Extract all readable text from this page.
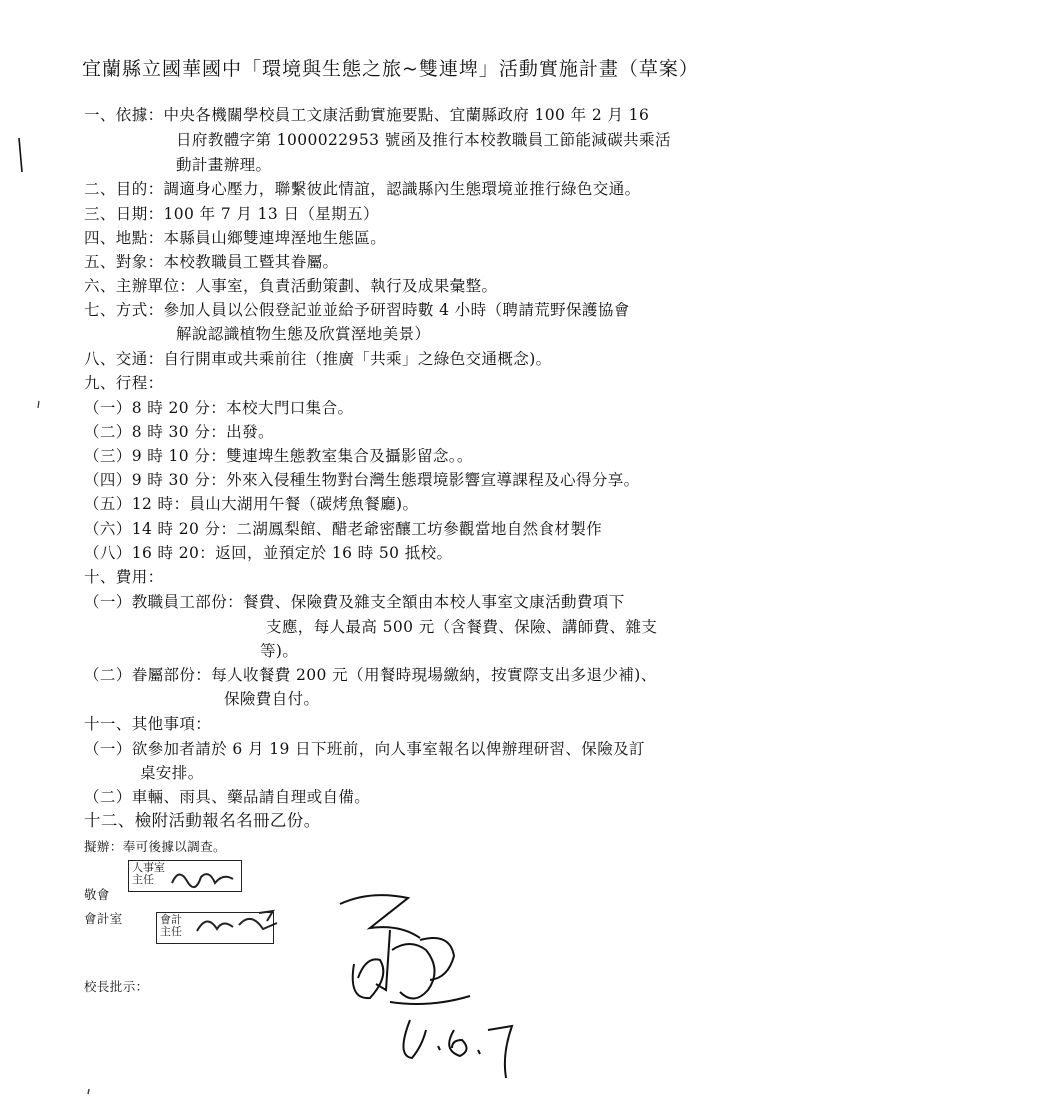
宜蘭縣立國華國中「環境與生態之旅~雙連埤」活動實施計畫（草案）
一、依據：中央各機關學校員工文康活動實施要點、宜蘭縣政府 100 年 2 月 16
日府教體字第 1000022953 號函及推行本校教職員工節能減碳共乘活
動計畫辦理。
二、目的：調適身心壓力，聯繫彼此情誼，認識縣內生態環境並推行綠色交通。
三、日期：100 年 7 月 13 日（星期五）
四、地點：本縣員山鄉雙連埤溼地生態區。
五、對象：本校教職員工暨其眷屬。
六、主辦單位：人事室，負責活動策劃、執行及成果彙整。
七、方式：參加人員以公假登記並並給予研習時數 4 小時（聘請荒野保護協會
解說認識植物生態及欣賞溼地美景）
八、交通：自行開車或共乘前往（推廣「共乘」之綠色交通概念)。
九、行程：
（一）8 時 20 分：本校大門口集合。
（二）8 時 30 分：出發。
（三）9 時 10 分：雙連埤生態教室集合及攝影留念。。
（四）9 時 30 分：外來入侵種生物對台灣生態環境影響宣導課程及心得分享。
（五）12 時：員山大湖用午餐（碳烤魚餐廳)。
（六）14 時 20 分：二湖鳳梨館、醋老爺密釀工坊參觀當地自然食材製作
（八）16 時 20：返回，並預定於 16 時 50 抵校。
十、費用：
（一）教職員工部份：餐費、保險費及雜支全額由本校人事室文康活動費項下
支應，每人最高 500 元（含餐費、保險、講師費、雜支
等)。
（二）眷屬部份：每人收餐費 200 元（用餐時現場繳納，按實際支出多退少補)、
保險費自付。
十一、其他事項：
（一）欲參加者請於 6 月 19 日下班前，向人事室報名以俾辦理研習、保險及訂
桌安排。
（二）車輛、雨具、藥品請自理或自備。
十二、檢附活動報名名冊乙份。
擬辦：奉可後據以調查。
敬會
會計室
校長批示：
人事室
主任
會計
主任
